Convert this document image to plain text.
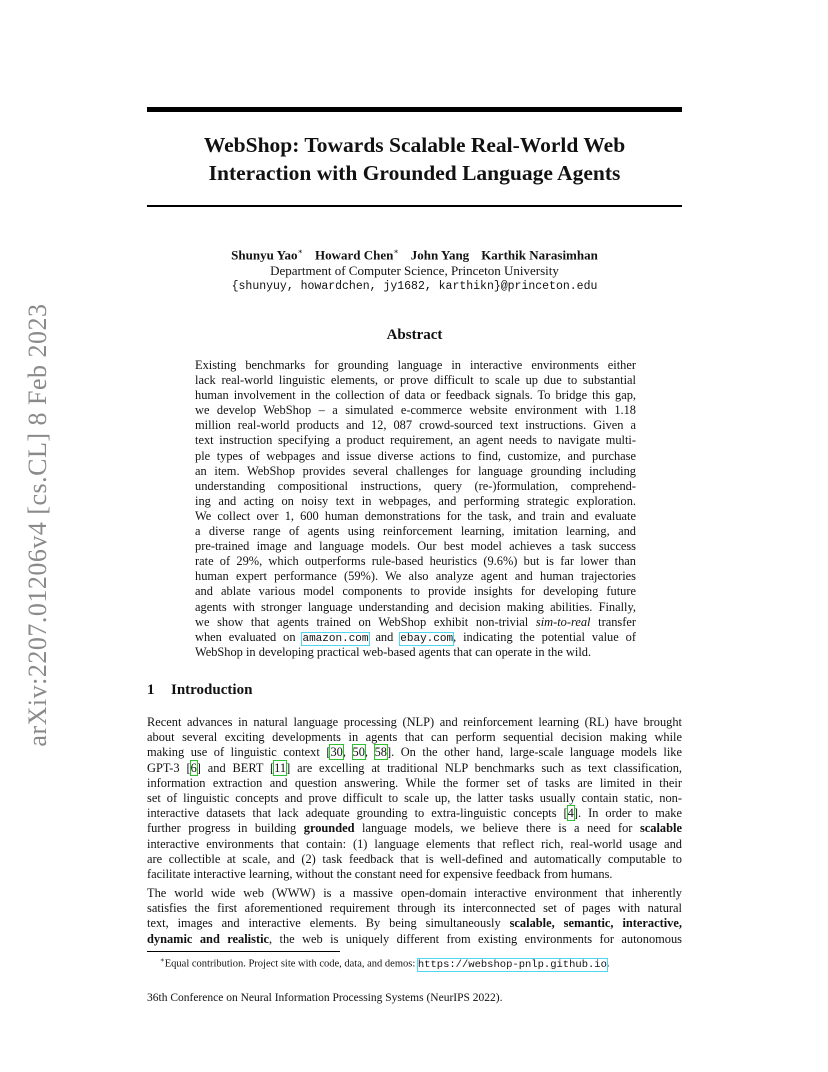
arXiv:2207.01206v4 [cs.CL] 8 Feb 2023
WebShop: Towards Scalable Real-World Web
Interaction with Grounded Language Agents
Shunyu Yao∗ Howard Chen∗ John Yang Karthik Narasimhan
Department of Computer Science, Princeton University
{shunyuy, howardchen, jy1682, karthikn}@princeton.edu
Abstract
Existing benchmarks for grounding language in interactive environments either
lack real-world linguistic elements, or prove difficult to scale up due to substantial
human involvement in the collection of data or feedback signals. To bridge this gap,
we develop WebShop – a simulated e-commerce website environment with 1.18
million real-world products and 12, 087 crowd-sourced text instructions. Given a
text instruction specifying a product requirement, an agent needs to navigate multi-
ple types of webpages and issue diverse actions to find, customize, and purchase
an item. WebShop provides several challenges for language grounding including
understanding compositional instructions, query (re-)formulation, comprehend-
ing and acting on noisy text in webpages, and performing strategic exploration.
We collect over 1, 600 human demonstrations for the task, and train and evaluate
a diverse range of agents using reinforcement learning, imitation learning, and
pre-trained image and language models. Our best model achieves a task success
rate of 29%, which outperforms rule-based heuristics (9.6%) but is far lower than
human expert performance (59%). We also analyze agent and human trajectories
and ablate various model components to provide insights for developing future
agents with stronger language understanding and decision making abilities. Finally,
we show that agents trained on WebShop exhibit non-trivial sim-to-real transfer
when evaluated on amazon.com and ebay.com, indicating the potential value of
WebShop in developing practical web-based agents that can operate in the wild.
1 Introduction
Recent advances in natural language processing (NLP) and reinforcement learning (RL) have brought
about several exciting developments in agents that can perform sequential decision making while
making use of linguistic context [30, 50, 58]. On the other hand, large-scale language models like
GPT-3 [6] and BERT [11] are excelling at traditional NLP benchmarks such as text classification,
information extraction and question answering. While the former set of tasks are limited in their
set of linguistic concepts and prove difficult to scale up, the latter tasks usually contain static, non-
interactive datasets that lack adequate grounding to extra-linguistic concepts [4]. In order to make
further progress in building grounded language models, we believe there is a need for scalable
interactive environments that contain: (1) language elements that reflect rich, real-world usage and
are collectible at scale, and (2) task feedback that is well-defined and automatically computable to
facilitate interactive learning, without the constant need for expensive feedback from humans.
The world wide web (WWW) is a massive open-domain interactive environment that inherently
satisfies the first aforementioned requirement through its interconnected set of pages with natural
text, images and interactive elements. By being simultaneously scalable, semantic, interactive,
dynamic and realistic, the web is uniquely different from existing environments for autonomous
∗Equal contribution. Project site with code, data, and demos: https://webshop-pnlp.github.io.
36th Conference on Neural Information Processing Systems (NeurIPS 2022).
